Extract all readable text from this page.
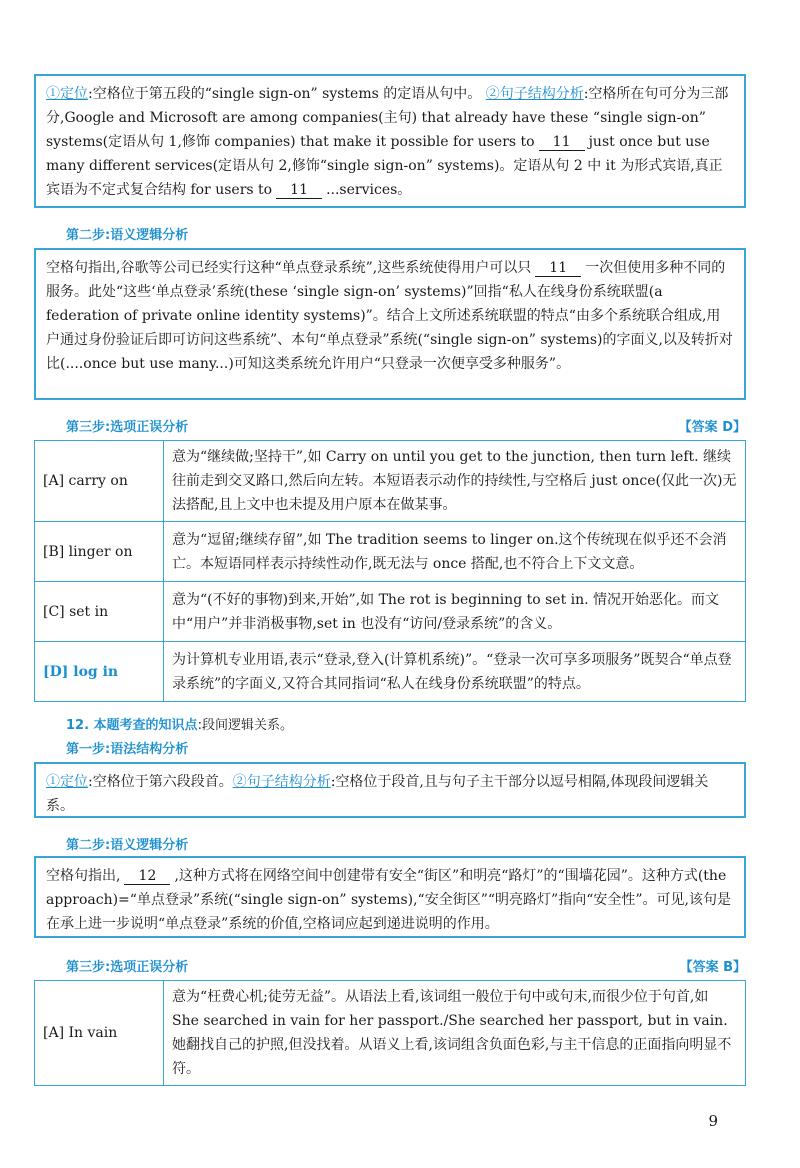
①定位:空格位于第五段的“single sign-on” systems 的定语从句中。 ②句子结构分析:空格所在句可分为三部分,Google and Microsoft are among companies(主句) that already have these “single sign-on” systems(定语从句 1,修饰 companies) that make it possible for users to 11 just once but use many different services(定语从句 2,修饰“single sign-on” systems)。定语从句 2 中 it 为形式宾语,真正宾语为不定式复合结构 for users to 11 ...services。

第二步:语义逻辑分析

空格句指出,谷歌等公司已经实行这种“单点登录系统”,这些系统使得用户可以只 11 一次但使用多种不同的服务。此处“这些‘单点登录’系统(these ‘single sign-on’ systems)”回指“私人在线身份系统联盟(a federation of private online identity systems)”。结合上文所述系统联盟的特点“由多个系统联合组成,用户通过身份验证后即可访问这些系统”、本句“单点登录”系统(“single sign-on” systems)的字面义,以及转折对比(....once but use many...)可知这类系统允许用户“只登录一次便享受多种服务”。

第三步:选项正误分析	【答案 D】
[A] carry on	意为“继续做;坚持干”,如 Carry on until you get to the junction, then turn left. 继续往前走到交叉路口,然后向左转。本短语表示动作的持续性,与空格后 just once(仅此一次)无法搭配,且上文中也未提及用户原本在做某事。
[B] linger on	意为“逗留;继续存留”,如 The tradition seems to linger on.这个传统现在似乎还不会消亡。本短语同样表示持续性动作,既无法与 once 搭配,也不符合上下文文意。
[C] set in	意为“(不好的事物)到来,开始”,如 The rot is beginning to set in. 情况开始恶化。而文中“用户”并非消极事物,set in 也没有“访问/登录系统”的含义。
[D] log in	为计算机专业用语,表示“登录,登入(计算机系统)”。“登录一次可享多项服务”既契合“单点登录系统”的字面义,又符合其同指词“私人在线身份系统联盟”的特点。
12. 本题考查的知识点:段间逻辑关系。
第一步:语法结构分析

①定位:空格位于第六段段首。②句子结构分析:空格位于段首,且与句子主干部分以逗号相隔,体现段间逻辑关系。

第二步:语义逻辑分析

空格句指出, 12 ,这种方式将在网络空间中创建带有安全“街区”和明亮“路灯”的“围墙花园”。这种方式(the approach)=“单点登录”系统(“single sign-on” systems),“安全街区”“明亮路灯”指向“安全性”。可见,该句是在承上进一步说明“单点登录”系统的价值,空格词应起到递进说明的作用。

第三步:选项正误分析	【答案 B】
[A] In vain	意为“枉费心机;徒劳无益”。从语法上看,该词组一般位于句中或句末,而很少位于句首,如 She searched in vain for her passport./She searched her passport, but in vain. 她翻找自己的护照,但没找着。从语义上看,该词组含负面色彩,与主干信息的正面指向明显不符。
9
